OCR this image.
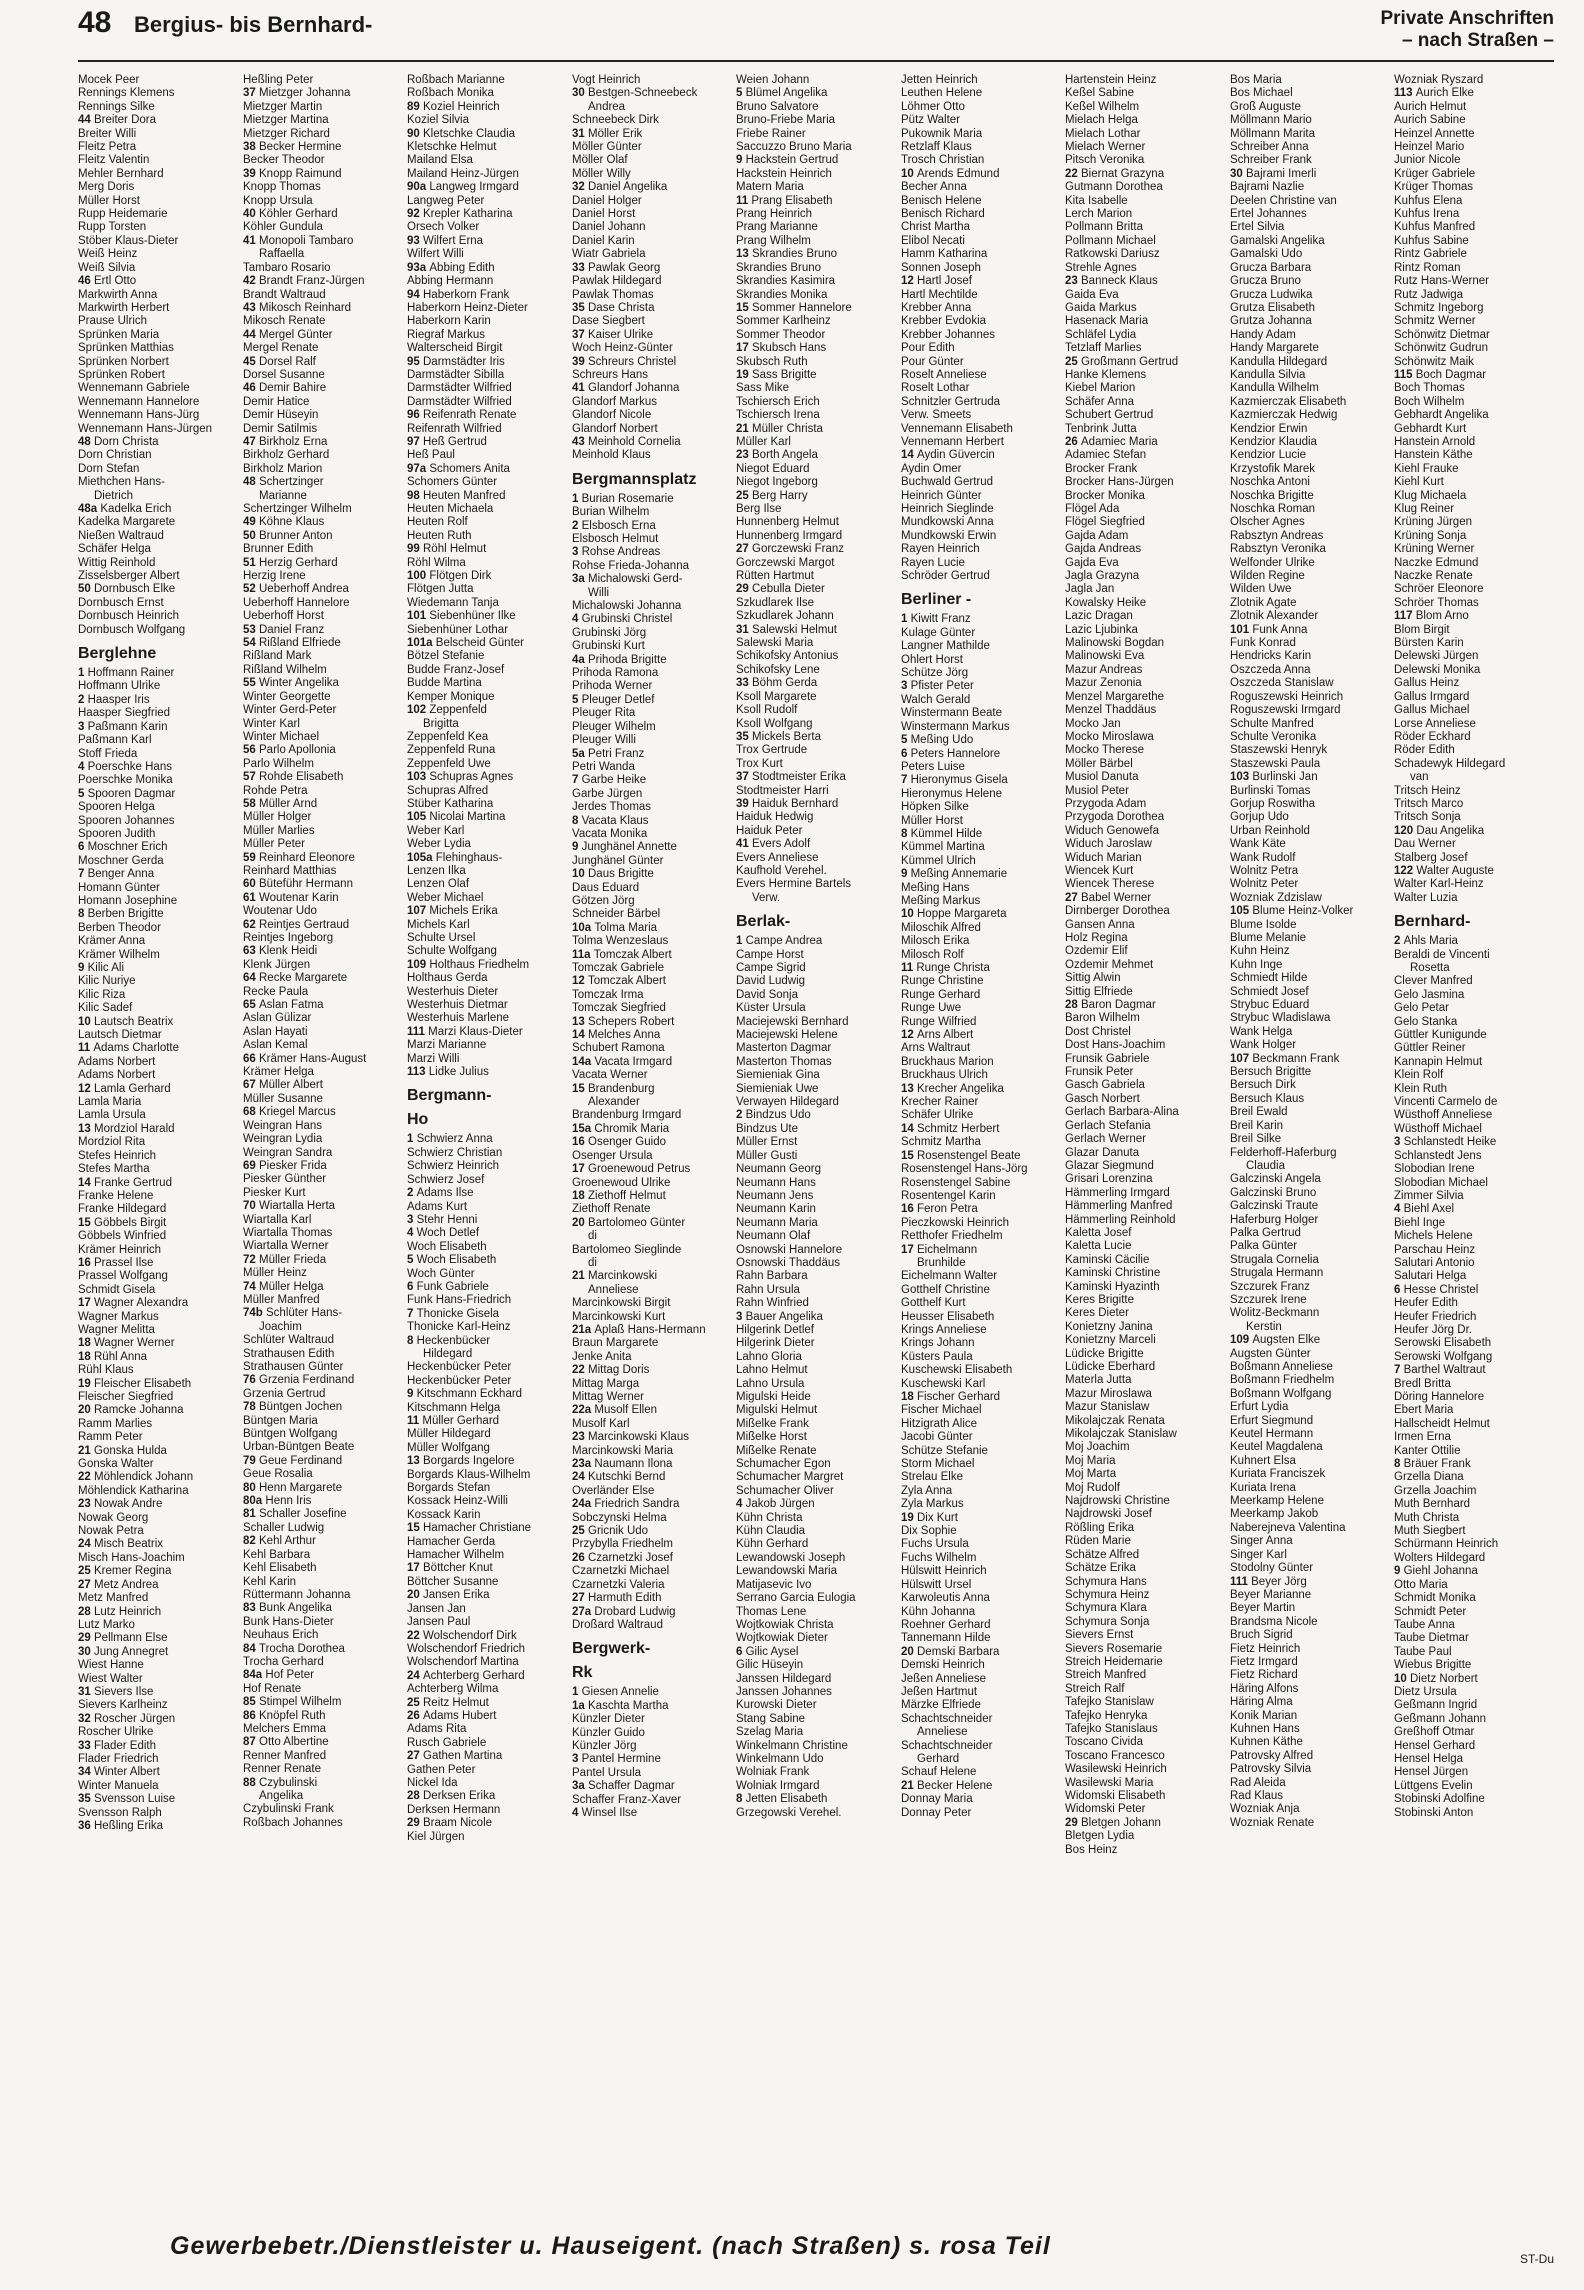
48 Bergius- bis Bernhard-	Private Anschriften
– nach Straßen –
Mocek Peer
Rennings Klemens
Rennings Silke
44 Breiter Dora
Breiter Willi
Fleitz Petra
Fleitz Valentin
Mehler Bernhard
Merg Doris
Müller Horst
Rupp Heidemarie
Rupp Torsten
Stöber Klaus-Dieter
Weiß Heinz
Weiß Silvia
46 Ertl Otto
Markwirth Anna
Markwirth Herbert
Prause Ulrich
Sprünken Maria
Sprünken Matthias
Sprünken Norbert
Sprünken Robert
Wennemann Gabriele
Wennemann Hannelore
Wennemann Hans-Jürg
Wennemann Hans-Jürgen
48 Dorn Christa
Dorn Christian
Dorn Stefan
Miethchen Hans-
Dietrich
48a Kadelka Erich
Kadelka Margarete
Nießen Waltraud
Schäfer Helga
Wittig Reinhold
Zisselsberger Albert
50 Dornbusch Elke
Dornbusch Ernst
Dornbusch Heinrich
Dornbusch Wolfgang
Berglehne
1 Hoffmann Rainer
Hoffmann Ulrike
2 Haasper Iris
Haasper Siegfried
3 Paßmann Karin
Paßmann Karl
Stoff Frieda
4 Poerschke Hans
Poerschke Monika
5 Spooren Dagmar
Spooren Helga
Spooren Johannes
Spooren Judith
6 Moschner Erich
Moschner Gerda
7 Benger Anna
Homann Günter
Homann Josephine
8 Berben Brigitte
Berben Theodor
Krämer Anna
Krämer Wilhelm
9 Kilic Ali
Kilic Nuriye
Kilic Riza
Kilic Sadef
10 Lautsch Beatrix
Lautsch Dietmar
11 Adams Charlotte
Adams Norbert
Adams Norbert
12 Lamla Gerhard
Lamla Maria
Lamla Ursula
13 Mordziol Harald
Mordziol Rita
Stefes Heinrich
Stefes Martha
14 Franke Gertrud
Franke Helene
Franke Hildegard
15 Göbbels Birgit
Göbbels Winfried
Krämer Heinrich
16 Prassel Ilse
Prassel Wolfgang
Schmidt Gisela
17 Wagner Alexandra
Wagner Markus
Wagner Melitta
18 Wagner Werner
18 Rühl Anna
Rühl Klaus
19 Fleischer Elisabeth
Fleischer Siegfried
20 Ramcke Johanna
Ramm Marlies
Ramm Peter
21 Gonska Hulda
Gonska Walter
22 Möhlendick Johann
Möhlendick Katharina
23 Nowak Andre
Nowak Georg
Nowak Petra
24 Misch Beatrix
Misch Hans-Joachim
25 Kremer Regina
27 Metz Andrea
Metz Manfred
28 Lutz Heinrich
Lutz Marko
29 Pellmann Else
30 Jung Annegret
Wiest Hanne
Wiest Walter
31 Sievers Ilse
Sievers Karlheinz
32 Roscher Jürgen
Roscher Ulrike
33 Flader Edith
Flader Friedrich
34 Winter Albert
Winter Manuela
35 Svensson Luise
Svensson Ralph
36 Heßling Erika
Heßling Peter
37 Mietzger Johanna
Mietzger Martin
Mietzger Martina
Mietzger Richard
38 Becker Hermine
Becker Theodor
39 Knopp Raimund
Knopp Thomas
Knopp Ursula
40 Köhler Gerhard
Köhler Gundula
41 Monopoli Tambaro
Raffaella
Tambaro Rosario
42 Brandt Franz-Jürgen
Brandt Waltraud
43 Mikosch Reinhard
Mikosch Renate
44 Mergel Günter
Mergel Renate
45 Dorsel Ralf
Dorsel Susanne
46 Demir Bahire
Demir Hatice
Demir Hüseyin
Demir Satilmis
47 Birkholz Erna
Birkholz Gerhard
Birkholz Marion
48 Schertzinger
Marianne
Schertzinger Wilhelm
49 Köhne Klaus
50 Brunner Anton
Brunner Edith
51 Herzig Gerhard
Herzig Irene
52 Ueberhoff Andrea
Ueberhoff Hannelore
Ueberhoff Horst
53 Daniel Franz
54 Rißland Elfriede
Rißland Mark
Rißland Wilhelm
55 Winter Angelika
Winter Georgette
Winter Gerd-Peter
Winter Karl
Winter Michael
56 Parlo Apollonia
Parlo Wilhelm
57 Rohde Elisabeth
Rohde Petra
58 Müller Arnd
Müller Holger
Müller Marlies
Müller Peter
59 Reinhard Eleonore
Reinhard Matthias
60 Büteführ Hermann
61 Woutenar Karin
Woutenar Udo
62 Reintjes Gertraud
Reintjes Ingeborg
63 Klenk Heidi
Klenk Jürgen
64 Recke Margarete
Recke Paula
65 Aslan Fatma
Aslan Gülizar
Aslan Hayati
Aslan Kemal
66 Krämer Hans-August
Krämer Helga
67 Müller Albert
Müller Susanne
68 Kriegel Marcus
Weingran Hans
Weingran Lydia
Weingran Sandra
69 Piesker Frida
Piesker Günther
Piesker Kurt
70 Wiartalla Herta
Wiartalla Karl
Wiartalla Thomas
Wiartalla Werner
72 Müller Frieda
Müller Heinz
74 Müller Helga
Müller Manfred
74b Schlüter Hans-
Joachim
Schlüter Waltraud
Strathausen Edith
Strathausen Günter
76 Grzenia Ferdinand
Grzenia Gertrud
78 Büntgen Jochen
Büntgen Maria
Büntgen Wolfgang
Urban-Büntgen Beate
79 Geue Ferdinand
Geue Rosalia
80 Henn Margarete
80a Henn Iris
81 Schaller Josefine
Schaller Ludwig
82 Kehl Arthur
Kehl Barbara
Kehl Elisabeth
Kehl Karin
Rüttermann Johanna
83 Bunk Angelika
Bunk Hans-Dieter
Neuhaus Erich
84 Trocha Dorothea
Trocha Gerhard
84a Hof Peter
Hof Renate
85 Stimpel Wilhelm
86 Knöpfel Ruth
Melchers Emma
87 Otto Albertine
Renner Manfred
Renner Renate
88 Czybulinski
Angelika
Czybulinski Frank
Roßbach Johannes
Roßbach Marianne
Roßbach Monika
89 Koziel Heinrich
Koziel Silvia
90 Kletschke Claudia
Kletschke Helmut
Mailand Elsa
Mailand Heinz-Jürgen
90a Langweg Irmgard
Langweg Peter
92 Krepler Katharina
Orsech Volker
93 Wilfert Erna
Wilfert Willi
93a Abbing Edith
Abbing Hermann
94 Haberkorn Frank
Haberkorn Heinz-Dieter
Haberkorn Karin
Riegraf Markus
Walterscheid Birgit
95 Darmstädter Iris
Darmstädter Sibilla
Darmstädter Wilfried
Darmstädter Wilfried
96 Reifenrath Renate
Reifenrath Wilfried
97 Heß Gertrud
Heß Paul
97a Schomers Anita
Schomers Günter
98 Heuten Manfred
Heuten Michaela
Heuten Rolf
Heuten Ruth
99 Röhl Helmut
Röhl Wilma
100 Flötgen Dirk
Flötgen Jutta
Wiedemann Tanja
101 Siebenhüner Ilke
Siebenhüner Lothar
101a Belscheid Günter
Bötzel Stefanie
Budde Franz-Josef
Budde Martina
Kemper Monique
102 Zeppenfeld
Brigitta
Zeppenfeld Kea
Zeppenfeld Runa
Zeppenfeld Uwe
103 Schupras Agnes
Schupras Alfred
Stüber Katharina
105 Nicolai Martina
Weber Karl
Weber Lydia
105a Flehinghaus-
Lenzen Ilka
Lenzen Olaf
Weber Michael
107 Michels Erika
Michels Karl
Schulte Ursel
Schulte Wolfgang
109 Holthaus Friedhelm
Holthaus Gerda
Westerhuis Dieter
Westerhuis Dietmar
Westerhuis Marlene
111 Marzi Klaus-Dieter
Marzi Marianne
Marzi Willi
113 Lidke Julius
Bergmann-
Ho
1 Schwierz Anna
Schwierz Christian
Schwierz Heinrich
Schwierz Josef
2 Adams Ilse
Adams Kurt
3 Stehr Henni
4 Woch Detlef
Woch Elisabeth
5 Woch Elisabeth
Woch Günter
6 Funk Gabriele
Funk Hans-Friedrich
7 Thonicke Gisela
Thonicke Karl-Heinz
8 Heckenbücker
Hildegard
Heckenbücker Peter
Heckenbücker Peter
9 Kitschmann Eckhard
Kitschmann Helga
11 Müller Gerhard
Müller Hildegard
Müller Wolfgang
13 Borgards Ingelore
Borgards Klaus-Wilhelm
Borgards Stefan
Kossack Heinz-Willi
Kossack Karin
15 Hamacher Christiane
Hamacher Gerda
Hamacher Wilhelm
17 Böttcher Knut
Böttcher Susanne
20 Jansen Erika
Jansen Jan
Jansen Paul
22 Wolschendorf Dirk
Wolschendorf Friedrich
Wolschendorf Martina
24 Achterberg Gerhard
Achterberg Wilma
25 Reitz Helmut
26 Adams Hubert
Adams Rita
Rusch Gabriele
27 Gathen Martina
Gathen Peter
Nickel Ida
28 Derksen Erika
Derksen Hermann
29 Braam Nicole
Kiel Jürgen
Vogt Heinrich
30 Bestgen-Schneebeck
Andrea
Schneebeck Dirk
31 Möller Erik
Möller Günter
Möller Olaf
Möller Willy
32 Daniel Angelika
Daniel Holger
Daniel Horst
Daniel Johann
Daniel Karin
Wiatr Gabriela
33 Pawlak Georg
Pawlak Hildegard
Pawlak Thomas
35 Dase Christa
Dase Siegbert
37 Kaiser Ulrike
Woch Heinz-Günter
39 Schreurs Christel
Schreurs Hans
41 Glandorf Johanna
Glandorf Markus
Glandorf Nicole
Glandorf Norbert
43 Meinhold Cornelia
Meinhold Klaus
Bergmannsplatz
1 Burian Rosemarie
Burian Wilhelm
2 Elsbosch Erna
Elsbosch Helmut
3 Rohse Andreas
Rohse Frieda-Johanna
3a Michalowski Gerd-
Willi
Michalowski Johanna
4 Grubinski Christel
Grubinski Jörg
Grubinski Kurt
4a Prihoda Brigitte
Prihoda Ramona
Prihoda Werner
5 Pleuger Detlef
Pleuger Rita
Pleuger Wilhelm
Pleuger Willi
5a Petri Franz
Petri Wanda
7 Garbe Heike
Garbe Jürgen
Jerdes Thomas
8 Vacata Klaus
Vacata Monika
9 Junghänel Annette
Junghänel Günter
10 Daus Brigitte
Daus Eduard
Götzen Jörg
Schneider Bärbel
10a Tolma Maria
Tolma Wenzeslaus
11a Tomczak Albert
Tomczak Gabriele
12 Tomczak Albert
Tomczak Irma
Tomczak Siegfried
13 Schepers Robert
14 Melches Anna
Schubert Ramona
14a Vacata Irmgard
Vacata Werner
15 Brandenburg
Alexander
Brandenburg Irmgard
15a Chromik Maria
16 Osenger Guido
Osenger Ursula
17 Groenewoud Petrus
Groenewoud Ulrike
18 Ziethoff Helmut
Ziethoff Renate
20 Bartolomeo Günter
di
Bartolomeo Sieglinde
di
21 Marcinkowski
Anneliese
Marcinkowski Birgit
Marcinkowski Kurt
21a Aplaß Hans-Hermann
Braun Margarete
Jenke Anita
22 Mittag Doris
Mittag Marga
Mittag Werner
22a Musolf Ellen
Musolf Karl
23 Marcinkowski Klaus
Marcinkowski Maria
23a Naumann Ilona
24 Kutschki Bernd
Overländer Else
24a Friedrich Sandra
Sobczynski Helma
25 Gricnik Udo
Przybylla Friedhelm
26 Czarnetzki Josef
Czarnetzki Michael
Czarnetzki Valeria
27 Harmuth Edith
27a Drobard Ludwig
Droßard Waltraud
Bergwerk-
Rk
1 Giesen Annelie
1a Kaschta Martha
Künzler Dieter
Künzler Guido
Künzler Jörg
3 Pantel Hermine
Pantel Ursula
3a Schaffer Dagmar
Schaffer Franz-Xaver
4 Winsel Ilse
Weien Johann
5 Blümel Angelika
Bruno Salvatore
Bruno-Friebe Maria
Friebe Rainer
Saccuzzo Bruno Maria
9 Hackstein Gertrud
Hackstein Heinrich
Matern Maria
11 Prang Elisabeth
Prang Heinrich
Prang Marianne
Prang Wilhelm
13 Skrandies Bruno
Skrandies Bruno
Skrandies Kasimira
Skrandies Monika
15 Sommer Hannelore
Sommer Karlheinz
Sommer Theodor
17 Skubsch Hans
Skubsch Ruth
19 Sass Brigitte
Sass Mike
Tschiersch Erich
Tschiersch Irena
21 Müller Christa
Müller Karl
23 Borth Angela
Niegot Eduard
Niegot Ingeborg
25 Berg Harry
Berg Ilse
Hunnenberg Helmut
Hunnenberg Irmgard
27 Gorczewski Franz
Gorczewski Margot
Rütten Hartmut
29 Cebulla Dieter
Szkudlarek Ilse
Szkudlarek Johann
31 Salewski Helmut
Salewski Maria
Schikofsky Antonius
Schikofsky Lene
33 Böhm Gerda
Ksoll Margarete
Ksoll Rudolf
Ksoll Wolfgang
35 Mickels Berta
Trox Gertrude
Trox Kurt
37 Stodtmeister Erika
Stodtmeister Harri
39 Haiduk Bernhard
Haiduk Hedwig
Haiduk Peter
41 Evers Adolf
Evers Anneliese
Kaufhold Verehel.
Evers Hermine Bartels
Verw.
Berlak-
1 Campe Andrea
Campe Horst
Campe Sigrid
David Ludwig
David Sonja
Küster Ursula
Maciejewski Bernhard
Maciejewski Helene
Masterton Dagmar
Masterton Thomas
Siemieniak Gina
Siemieniak Uwe
Verwayen Hildegard
2 Bindzus Udo
Bindzus Ute
Müller Ernst
Müller Gusti
Neumann Georg
Neumann Hans
Neumann Jens
Neumann Karin
Neumann Maria
Neumann Olaf
Osnowski Hannelore
Osnowski Thaddäus
Rahn Barbara
Rahn Ursula
Rahn Winfried
3 Bauer Angelika
Hilgerink Detlef
Hilgerink Dieter
Lahno Gloria
Lahno Helmut
Lahno Ursula
Migulski Heide
Migulski Helmut
Mißelke Frank
Mißelke Horst
Mißelke Renate
Schumacher Egon
Schumacher Margret
Schumacher Oliver
4 Jakob Jürgen
Kühn Christa
Kühn Claudia
Kühn Gerhard
Lewandowski Joseph
Lewandowski Maria
Matijasevic Ivo
Serrano Garcia Eulogia
Thomas Lene
Wojtkowiak Christa
Wojtkowiak Dieter
6 Gilic Aysel
Gilic Hüseyin
Janssen Hildegard
Janssen Johannes
Kurowski Dieter
Stang Sabine
Szelag Maria
Winkelmann Christine
Winkelmann Udo
Wolniak Frank
Wolniak Irmgard
8 Jetten Elisabeth
Grzegowski Verehel.
Jetten Heinrich
Leuthen Helene
Löhmer Otto
Pütz Walter
Pukownik Maria
Retzlaff Klaus
Trosch Christian
10 Arends Edmund
Becher Anna
Benisch Helene
Benisch Richard
Christ Martha
Elibol Necati
Hamm Katharina
Sonnen Joseph
12 Hartl Josef
Hartl Mechtilde
Krebber Anna
Krebber Evdokia
Krebber Johannes
Pour Edith
Pour Günter
Roselt Anneliese
Roselt Lothar
Schnitzler Gertruda
Verw. Smeets
Vennemann Elisabeth
Vennemann Herbert
14 Aydin Güvercin
Aydin Ömer
Buchwald Gertrud
Heinrich Günter
Heinrich Sieglinde
Mundkowski Anna
Mundkowski Erwin
Rayen Heinrich
Rayen Lucie
Schröder Gertrud
Berliner -
1 Kiwitt Franz
Kulage Günter
Langner Mathilde
Ohlert Horst
Schütze Jörg
3 Pfister Peter
Walch Gerald
Winstermann Beate
Winstermann Markus
5 Meßing Udo
6 Peters Hannelore
Peters Luise
7 Hieronymus Gisela
Hieronymus Helene
Höpken Silke
Müller Horst
8 Kümmel Hilde
Kümmel Martina
Kümmel Ulrich
9 Meßing Annemarie
Meßing Hans
Meßing Markus
10 Hoppe Margareta
Miloschik Alfred
Milosch Erika
Milosch Rolf
11 Runge Christa
Runge Christine
Runge Gerhard
Runge Uwe
Runge Wilfried
12 Arns Albert
Arns Waltraut
Bruckhaus Marion
Bruckhaus Ulrich
13 Krecher Angelika
Krecher Rainer
Schäfer Ulrike
14 Schmitz Herbert
Schmitz Martha
15 Rosenstengel Beate
Rosenstengel Hans-Jörg
Rosenstengel Sabine
Rosentengel Karin
16 Feron Petra
Pieczkowski Heinrich
Retthofer Friedhelm
17 Eichelmann
Brunhilde
Eichelmann Walter
Gotthelf Christine
Gotthelf Kurt
Heusser Elisabeth
Krings Anneliese
Krings Johann
Küsters Paula
Kuschewski Elisabeth
Kuschewski Karl
18 Fischer Gerhard
Fischer Michael
Hitzigrath Alice
Jacobi Günter
Schütze Stefanie
Storm Michael
Strelau Elke
Zyla Anna
Zyla Markus
19 Dix Kurt
Dix Sophie
Fuchs Ursula
Fuchs Wilhelm
Hülswitt Heinrich
Hülswitt Ursel
Karwoleutis Anna
Kühn Johanna
Roehner Gerhard
Tannemann Hilde
20 Demski Barbara
Demski Heinrich
Jeßen Anneliese
Jeßen Hartmut
Märzke Elfriede
Schachtschneider
Anneliese
Schachtschneider
Gerhard
Schauf Helene
21 Becker Helene
Donnay Maria
Donnay Peter
Hartenstein Heinz
Keßel Sabine
Keßel Wilhelm
Mielach Helga
Mielach Lothar
Mielach Werner
Pitsch Veronika
22 Biernat Grazyna
Gutmann Dorothea
Kita Isabelle
Lerch Marion
Pollmann Britta
Pollmann Michael
Ratkowski Dariusz
Strehle Agnes
23 Banneck Klaus
Gaida Eva
Gaida Markus
Hasenack Maria
Schläfel Lydia
Tetzlaff Marlies
25 Großmann Gertrud
Hanke Klemens
Kiebel Marion
Schäfer Anna
Schubert Gertrud
Tenbrink Jutta
26 Adamiec Maria
Adamiec Stefan
Brocker Frank
Brocker Hans-Jürgen
Brocker Monika
Flögel Ada
Flögel Siegfried
Gajda Adam
Gajda Andreas
Gajda Eva
Jagla Grazyna
Jagla Jan
Kowalsky Heike
Lazic Dragan
Lazic Ljubinka
Malinowski Bogdan
Malinowski Eva
Mazur Andreas
Mazur Zenonia
Menzel Margarethe
Menzel Thaddäus
Mocko Jan
Mocko Miroslawa
Mocko Therese
Möller Bärbel
Musiol Danuta
Musiol Peter
Przygoda Adam
Przygoda Dorothea
Widuch Genowefa
Widuch Jaroslaw
Widuch Marian
Wiencek Kurt
Wiencek Therese
27 Babel Werner
Dirnberger Dorothea
Gansen Anna
Holz Regina
Özdemir Elif
Özdemir Mehmet
Sittig Alwin
Sittig Elfriede
28 Baron Dagmar
Baron Wilhelm
Dost Christel
Dost Hans-Joachim
Frunsik Gabriele
Frunsik Peter
Gasch Gabriela
Gasch Norbert
Gerlach Barbara-Alina
Gerlach Stefania
Gerlach Werner
Glazar Danuta
Glazar Siegmund
Grisari Lorenzina
Hämmerling Irmgard
Hämmerling Manfred
Hämmerling Reinhold
Kaletta Josef
Kaletta Lucie
Kaminski Cäcilie
Kaminski Christine
Kaminski Hyazinth
Keres Brigitte
Keres Dieter
Konietzny Janina
Konietzny Marceli
Lüdicke Brigitte
Lüdicke Eberhard
Materla Jutta
Mazur Miroslawa
Mazur Stanislaw
Mikolajczak Renata
Mikolajczak Stanislaw
Moj Joachim
Moj Maria
Moj Marta
Moj Rudolf
Najdrowski Christine
Najdrowski Josef
Rößling Erika
Rüden Marie
Schätze Alfred
Schätze Erika
Schymura Hans
Schymura Heinz
Schymura Klara
Schymura Sonja
Sievers Ernst
Sievers Rosemarie
Streich Heidemarie
Streich Manfred
Streich Ralf
Tafejko Stanislaw
Tafejko Henryka
Tafejko Stanislaus
Toscano Civida
Toscano Francesco
Wasilewski Heinrich
Wasilewski Maria
Widomski Elisabeth
Widomski Peter
29 Bletgen Johann
Bletgen Lydia
Bos Heinz
Bos Maria
Bos Michael
Groß Auguste
Möllmann Mario
Möllmann Marita
Schreiber Anna
Schreiber Frank
30 Bajrami Imerli
Bajrami Nazlie
Deelen Christine van
Ertel Johannes
Ertel Silvia
Gamalski Angelika
Gamalski Udo
Grucza Barbara
Grucza Bruno
Grucza Ludwika
Grutza Elisabeth
Grutza Johanna
Handy Adam
Handy Margarete
Kandulla Hildegard
Kandulla Silvia
Kandulla Wilhelm
Kazmierczak Elisabeth
Kazmierczak Hedwig
Kendzior Erwin
Kendzior Klaudia
Kendzior Lucie
Krzystofik Marek
Noschka Antoni
Noschka Brigitte
Noschka Roman
Ölscher Agnes
Rabsztyn Andreas
Rabsztyn Veronika
Welfonder Ulrike
Wilden Regine
Wilden Uwe
Zlotnik Agate
Zlotnik Alexander
101 Funk Anna
Funk Konrad
Hendricks Karin
Oszczeda Anna
Oszczeda Stanislaw
Roguszewski Heinrich
Roguszewski Irmgard
Schulte Manfred
Schulte Veronika
Staszewski Henryk
Staszewski Paula
103 Burlinski Jan
Burlinski Tomas
Gorjup Roswitha
Gorjup Udo
Urban Reinhold
Wank Käte
Wank Rudolf
Wolnitz Petra
Wolnitz Peter
Wozniak Zdzislaw
105 Blume Heinz-Volker
Blume Isolde
Blume Melanie
Kuhn Heinz
Kuhn Inge
Schmiedt Hilde
Schmiedt Josef
Strybuc Eduard
Strybuc Wladislawa
Wank Helga
Wank Holger
107 Beckmann Frank
Bersuch Brigitte
Bersuch Dirk
Bersuch Klaus
Breil Ewald
Breil Karin
Breil Silke
Felderhoff-Haferburg
Claudia
Galczinski Angela
Galczinski Bruno
Galczinski Traute
Haferburg Holger
Palka Gertrud
Palka Günter
Strugala Cornelia
Strugala Hermann
Szczurek Franz
Szczurek Irene
Wolitz-Beckmann
Kerstin
109 Augsten Elke
Augsten Günter
Boßmann Anneliese
Boßmann Friedhelm
Boßmann Wolfgang
Erfurt Lydia
Erfurt Siegmund
Keutel Hermann
Keutel Magdalena
Kuhnert Elsa
Kuriata Franciszek
Kuriata Irena
Meerkamp Helene
Meerkamp Jakob
Naberejneva Valentina
Singer Anna
Singer Karl
Stodolny Günter
111 Beyer Jörg
Beyer Marianne
Beyer Martin
Brandsma Nicole
Bruch Sigrid
Fietz Heinrich
Fietz Irmgard
Fietz Richard
Häring Alfons
Häring Alma
Konik Marian
Kuhnen Hans
Kuhnen Käthe
Patrovsky Alfred
Patrovsky Silvia
Rad Aleida
Rad Klaus
Wozniak Anja
Wozniak Renate
Wozniak Ryszard
113 Aurich Elke
Aurich Helmut
Aurich Sabine
Heinzel Annette
Heinzel Mario
Junior Nicole
Krüger Gabriele
Krüger Thomas
Kuhfus Elena
Kuhfus Irena
Kuhfus Manfred
Kuhfus Sabine
Rintz Gabriele
Rintz Roman
Rutz Hans-Werner
Rutz Jadwiga
Schmitz Ingeborg
Schmitz Werner
Schönwitz Dietmar
Schönwitz Gudrun
Schönwitz Maik
115 Boch Dagmar
Boch Thomas
Boch Wilhelm
Gebhardt Angelika
Gebhardt Kurt
Hanstein Arnold
Hanstein Käthe
Kiehl Frauke
Kiehl Kurt
Klug Michaela
Klug Reiner
Krüning Jürgen
Krüning Sonja
Krüning Werner
Naczke Edmund
Naczke Renate
Schröer Eleonore
Schröer Thomas
117 Blom Arno
Blom Birgit
Bürsten Karin
Delewski Jürgen
Delewski Monika
Gallus Heinz
Gallus Irmgard
Gallus Michael
Lorse Anneliese
Röder Eckhard
Röder Edith
Schadewyk Hildegard
van
Tritsch Heinz
Tritsch Marco
Tritsch Sonja
120 Dau Angelika
Dau Werner
Stalberg Josef
122 Walter Auguste
Walter Karl-Heinz
Walter Luzia
Bernhard-
2 Ahls Maria
Beraldi de Vincenti
Rosetta
Clever Manfred
Gelo Jasmina
Gelo Petar
Gelo Stanka
Güttler Kunigunde
Güttler Reiner
Kannapin Helmut
Klein Rolf
Klein Ruth
Vincenti Carmelo de
Wüsthoff Anneliese
Wüsthoff Michael
3 Schlanstedt Heike
Schlanstedt Jens
Slobodian Irene
Slobodian Michael
Zimmer Silvia
4 Biehl Axel
Biehl Inge
Michels Helene
Parschau Heinz
Salutari Antonio
Salutari Helga
6 Hesse Christel
Heufer Edith
Heufer Friedrich
Heufer Jörg Dr.
Serowski Elisabeth
Serowski Wolfgang
7 Barthel Waltraut
Bredl Britta
Döring Hannelore
Ebert Maria
Hallscheidt Helmut
Irmen Erna
Kanter Ottilie
8 Bräuer Frank
Grzella Diana
Grzella Joachim
Muth Bernhard
Muth Christa
Muth Siegbert
Schürmann Heinrich
Wolters Hildegard
9 Giehl Johanna
Otto Maria
Schmidt Monika
Schmidt Peter
Taube Anna
Taube Dietmar
Taube Paul
Wiebus Brigitte
10 Dietz Norbert
Dietz Ursula
Geßmann Ingrid
Geßmann Johann
Greßhoff Otmar
Hensel Gerhard
Hensel Helga
Hensel Jürgen
Lüttgens Evelin
Stobinski Adolfine
Stobinski Anton
Gewerbebetr./Dienstleister u. Hauseigent. (nach Straßen) s. rosa Teil	ST-Du
